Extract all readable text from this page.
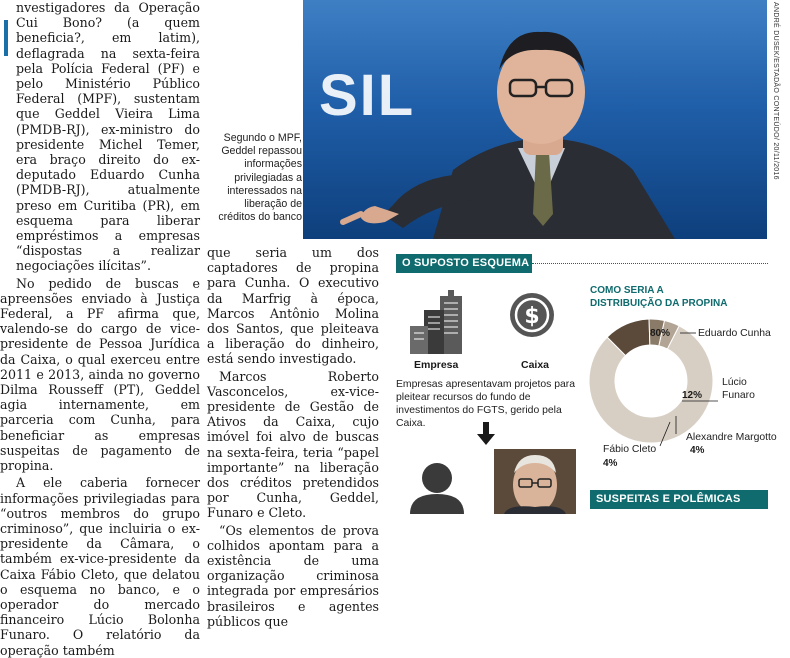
nvestigadores da Operação Cui Bono? (a quem beneficia?, em latim), deflagrada na sexta-feira pela Polícia Federal (PF) e pelo Ministério Público Federal (MPF), sustentam que Geddel Vieira Lima (PMDB-RJ), ex-ministro do presidente Michel Temer, era braço direito do ex-deputado Eduardo Cunha (PMDB-RJ), atualmente preso em Curitiba (PR), em esquema para liberar empréstimos a empresas “dispostas a realizar negociações ilícitas”.

No pedido de buscas e apreensões enviado à Justiça Federal, a PF afirma que, valendo-se do cargo de vice-presidente de Pessoa Jurídica da Caixa, o qual exerceu entre 2011 e 2013, ainda no governo Dilma Rousseff (PT), Geddel agia internamente, em parceria com Cunha, para beneficiar as empresas suspeitas de pagamento de propina.

A ele caberia fornecer informações privilegiadas para “outros membros do grupo criminoso”, que incluiria o ex-presidente da Câmara, o também ex-vice-presidente da Caixa Fábio Cleto, que delatou o esquema no banco, e o operador do mercado financeiro Lúcio Bolonha Funaro. O relatório da operação também

SIL	ANDRÉ DUSEK/ESTADÃO CONTEÚDO/ 20/11/2016
Segundo o MPF, Geddel repassou informações privilegiadas a interessados na liberação de créditos do banco

que seria um dos captadores de propina para Cunha. O executivo da Marfrig à época, Marcos Antônio Molina dos Santos, que pleiteava a liberação do dinheiro, está sendo investigado.

Marcos Roberto Vasconcelos, ex-vice-presidente de Gestão de Ativos da Caixa, cujo imóvel foi alvo de buscas na sexta-feira, teria “papel importante” na liberação dos créditos pretendidos por Cunha, Geddel, Funaro e Cleto.

“Os elementos de prova colhidos apontam para a existência de uma organização criminosa integrada por empresários brasileiros e agentes públicos que

O SUPOSTO ESQUEMA
Empresa
$
Caixa
Empresas apresentavam projetos para pleitear recursos do fundo de investimentos do FGTS, gerido pela Caixa.
COMO SERIA A
DISTRIBUIÇÃO DA PROPINA
80%	Eduardo Cunha
12%
Lúcio
Funaro
Alexandre Margotto
4%
Fábio Cleto
4%
SUSPEITAS E POLÊMICAS
